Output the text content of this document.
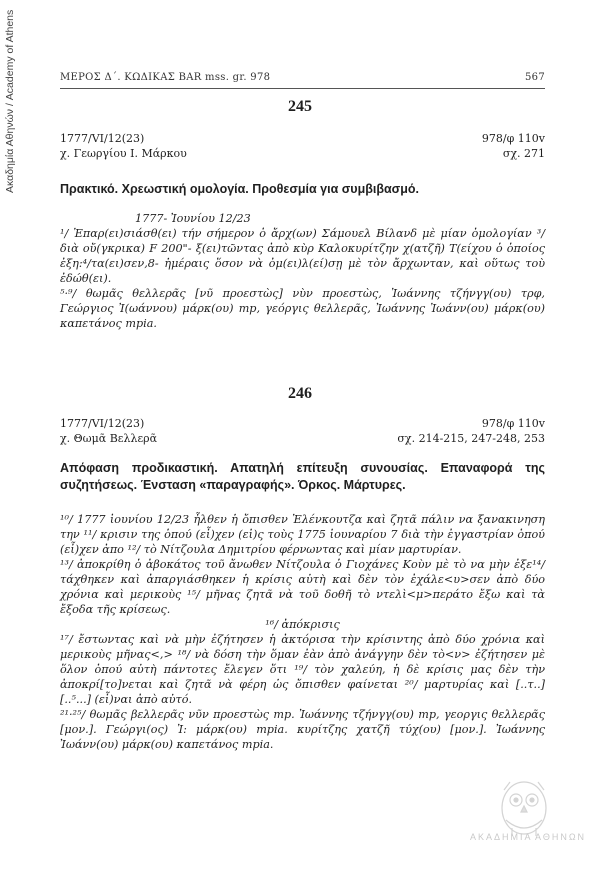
Ακαδημία Αθηνών / Academy of Athens	ΜΕΡΟΣ Δ΄. ΚΩΔΙΚΑΣ BAR mss. gr. 978	567
245
1777/VI/12(23)	978/φ 110v
χ. Γεωργίου Ι. Μάρκου	σχ. 271
Πρακτικό. Χρεωστική ομολογία. Προθεσμία για συμβιβασμό.

1777- Ἰουνίου 12/23

¹/ Ἐπαρ(ει)σιάσθ(ει) τήν σήμερον ὁ ἄρχ(ων) Σάμουελ Βίλανδ μὲ μίαν ὁμολογίαν ³/ διὰ οὔ(γκρικα) F 200"- ξ(ει)τῶντας ἀπὸ κὺρ Καλοκυρίτζην χ(ατζῆ) Τ(είχου ὁ ὁποίος ἐξη:⁴/τα(ει)σεν,8- ἡμέραις ὅσον νὰ ὀμ(ει)λ(εί)σῃ μὲ τὸν ἄρχωνταν, καὶ οὕτως τοὺ ἐδώθ(ει).

⁵·⁹/ θωμᾶς θελλερᾶς [νῦ προεστὼς] νὺν προεστὼς, Ἰωάννης τζήνγγ(ου) τρφ, Γεώργιος Ἰ(ωάννου) μάρκ(ου) mp, γεόργις θελλερᾶς, Ἰωάννης Ἰωάνν(ου) μάρκ(ου) καπετάνος mpia.

246
1777/VI/12(23)	978/φ 110v
χ. Θωμᾶ Βελλερᾶ	σχ. 214-215, 247-248, 253
Απόφαση προδικαστική. Απατηλή επίτευξη συνουσίας. Επαναφορά της συζητήσεως. Ένσταση «παραγραφής». Όρκος. Μάρτυρες.

¹⁰/ 1777 ἰουνίου 12/23 ἦλθεν ἡ ὄπισθεν Ἐλένκουτζα καὶ ζητᾶ πάλιν να ξανακινηση την ¹¹/ κρισιν της ὁπού (εἶ)χεν (εἰ)ς τοὺς 1775 ἰουναρίου 7 διὰ τὴν ἐγγαστρίαν ὁπού (εἶ)χεν ἀπο ¹²/ τὸ Νίτζουλα Δημιτρίου φέρνωντας καὶ μίαν μαρτυρίαν.

¹³/ ἀποκρίθη ὁ ἀβοκάτος τοῦ ἄνωθεν Νίτζουλα ὁ Γιοχάνες Κοὺν μὲ τὸ να μὴν ἐξε¹⁴/τάχθηκεν καὶ ἀπαργιάσθηκεν ἡ κρίσις αὐτὴ καὶ δὲν τὸν ἐχάλε<υ>σεν ἀπὸ δύο χρόνια καὶ μερικοὺς ¹⁵/ μῆνας ζητᾶ νὰ τοῦ δοθῆ τὸ ντελὶ<μ>περάτο ἔξω καὶ τὰ ἔξοδα τῆς κρίσεως.

¹⁶/ ἀπόκρισις

¹⁷/ ἔστωντας καὶ νὰ μὴν ἐζήτησεν ἡ ἀκτόρισα τὴν κρίσιντης ἀπὸ δύο χρόνια καὶ μερικοὺς μῆνας<,> ¹⁸/ νὰ δόση τὴν ὅμαν ἐὰν ἀπὸ ἀνάγγην δὲν τὸ<ν> ἐζήτησεν μὲ ὅλον ὁπού αὐτὴ πάντοτες ἔλεγεν ὅτι ¹⁹/ τὸν χαλεύη, ἡ δὲ κρίσις μας δὲν τὴν ἀποκρί[το]νεται καὶ ζητᾶ νὰ φέρη ὡς ὄπισθεν φαίνεται ²⁰/ μαρτυρίας καὶ [..τ..] [..⁵...] (εἶ)ναι ἀπὸ αὐτό.

²¹·²⁵/ θωμᾶς βελλερᾶς νῦν προεστὼς mp. Ἰωάννης τζήνγγ(ου) mp, γεοργις θελλερᾶς [μον.]. Γεώργι(ος) Ἰ: μάρκ(ου) mpia. κυρίτζης χατζῆ τύχ(ου) [μον.]. Ἰωάννης Ἰωάνν(ου) μάρκ(ου) καπετάνος mpia.

ΑΚΑΔΗΜΙΑ ΑΘΗΝΩΝ
